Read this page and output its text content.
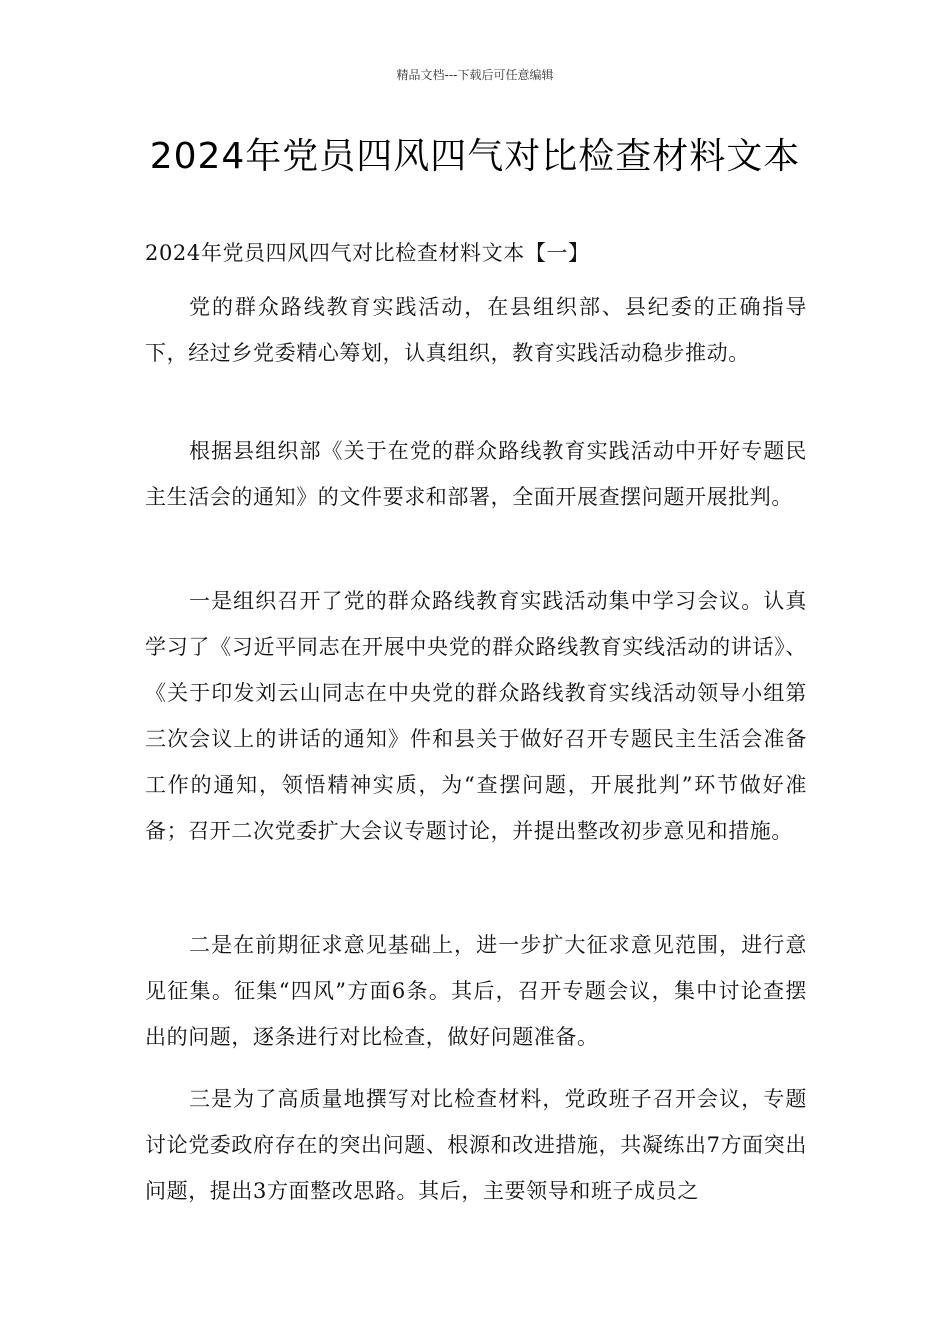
精品文档---下载后可任意编辑
2024年党员四风四气对比检查材料文本

2024年党员四风四气对比检查材料文本【一】

党的群众路线教育实践活动，在县组织部、县纪委的正确指导下，经过乡党委精心筹划，认真组织，教育实践活动稳步推动。

根据县组织部《关于在党的群众路线教育实践活动中开好专题民主生活会的通知》的文件要求和部署，全面开展查摆问题开展批判。

一是组织召开了党的群众路线教育实践活动集中学习会议。认真学习了《习近平同志在开展中央党的群众路线教育实线活动的讲话》、《关于印发刘云山同志在中央党的群众路线教育实线活动领导小组第三次会议上的讲话的通知》件和县关于做好召开专题民主生活会准备工作的通知，领悟精神实质，为“查摆问题，开展批判”环节做好准备；召开二次党委扩大会议专题讨论，并提出整改初步意见和措施。

二是在前期征求意见基础上，进一步扩大征求意见范围，进行意见征集。征集“四风”方面6条。其后，召开专题会议，集中讨论查摆出的问题，逐条进行对比检查，做好问题准备。

三是为了高质量地撰写对比检查材料，党政班子召开会议，专题讨论党委政府存在的突出问题、根源和改进措施，共凝练出7方面突出问题，提出3方面整改思路。其后，主要领导和班子成员之
